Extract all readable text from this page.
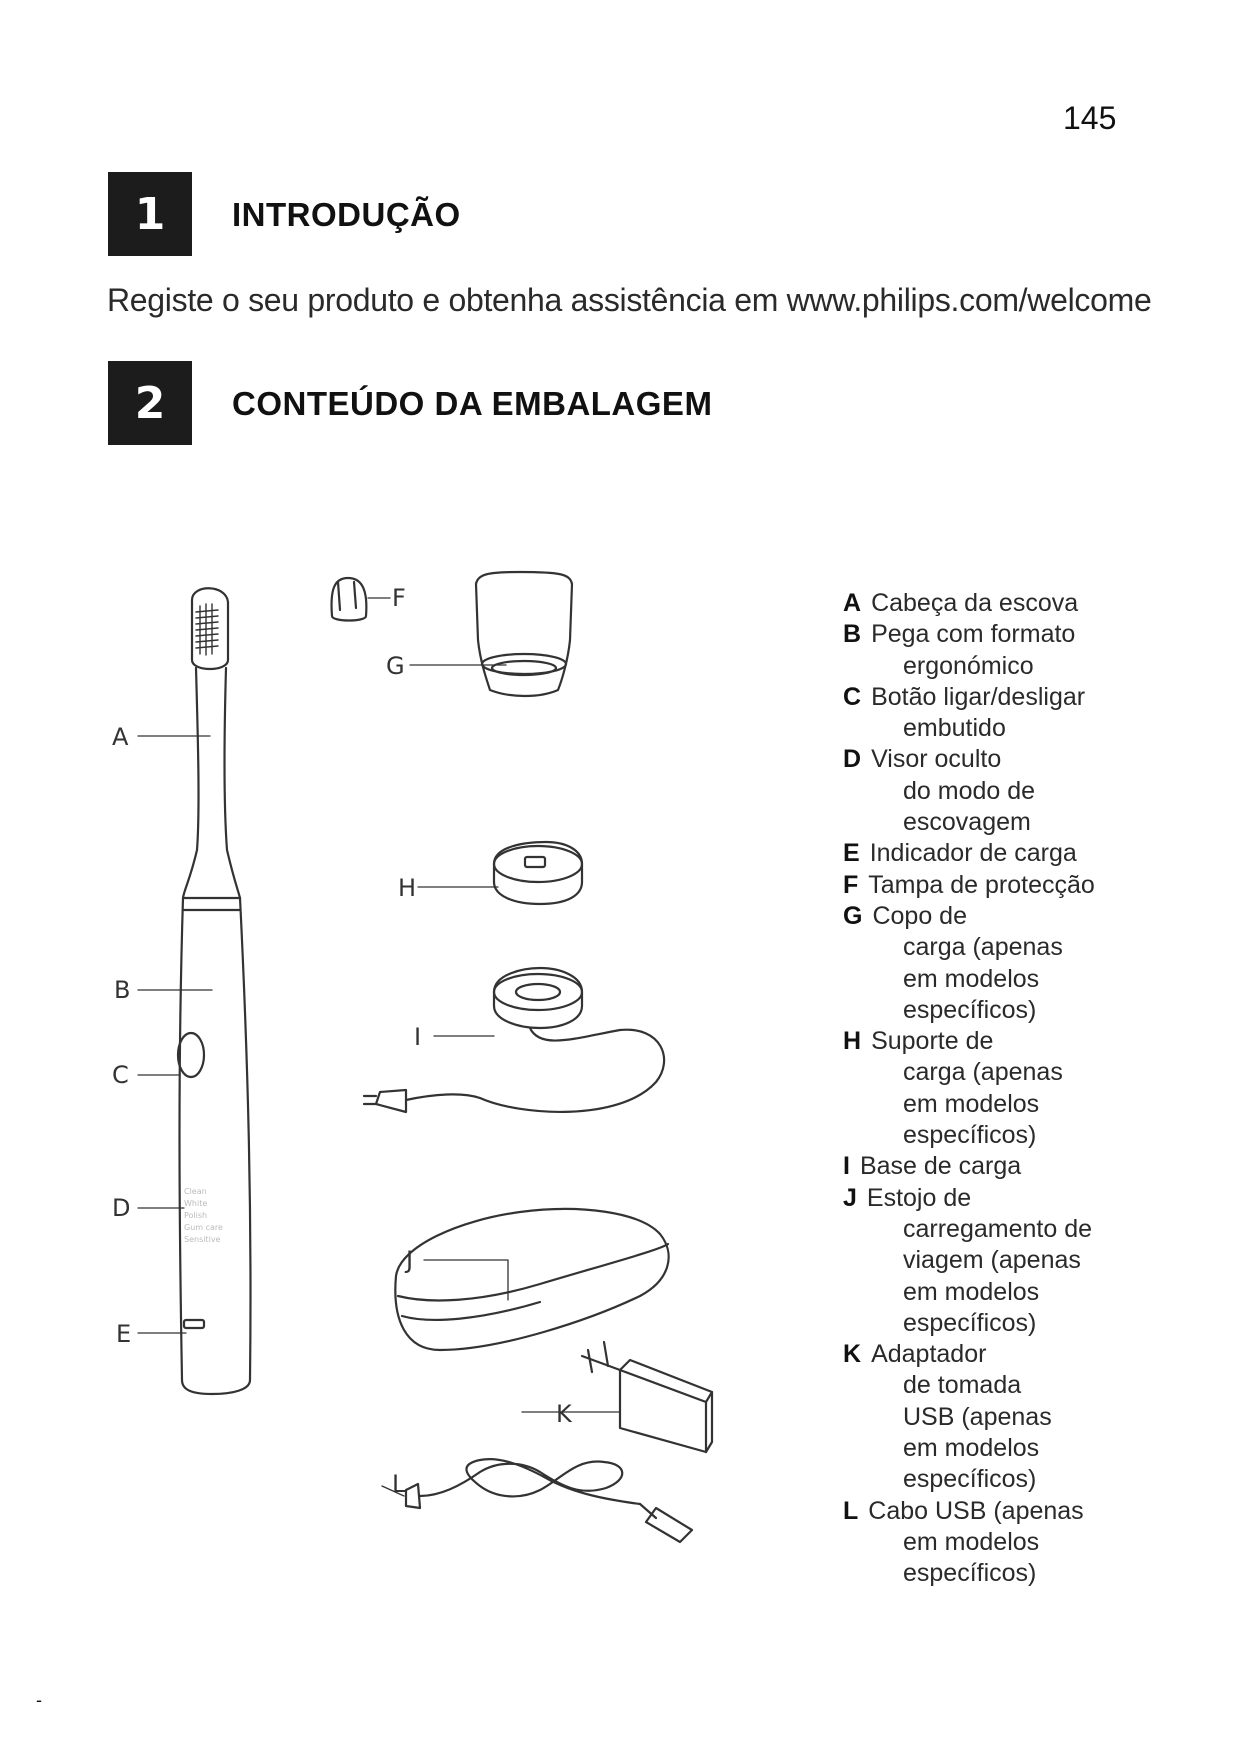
145
1	INTRODUÇÃO
Registe o seu produto e obtenha assistência em www.philips.com/welcome
2	CONTEÚDO DA EMBALAGEM
Clean
White
Polish
Gum care
Sensitive
A
B
C
D
E
F
G
H
I
J
K
L
A Cabeça da escova
B Pega com formato
ergonómico
C Botão ligar/desligar
embutido
D Visor oculto
do modo de
escovagem
E Indicador de carga
F Tampa de protecção
G Copo de
carga (apenas
em modelos
específicos)
H Suporte de
carga (apenas
em modelos
específicos)
I Base de carga
J Estojo de
carregamento de
viagem (apenas
em modelos
específicos)
K Adaptador
de tomada
USB (apenas
em modelos
específicos)
L Cabo USB (apenas
em modelos
específicos)
-
